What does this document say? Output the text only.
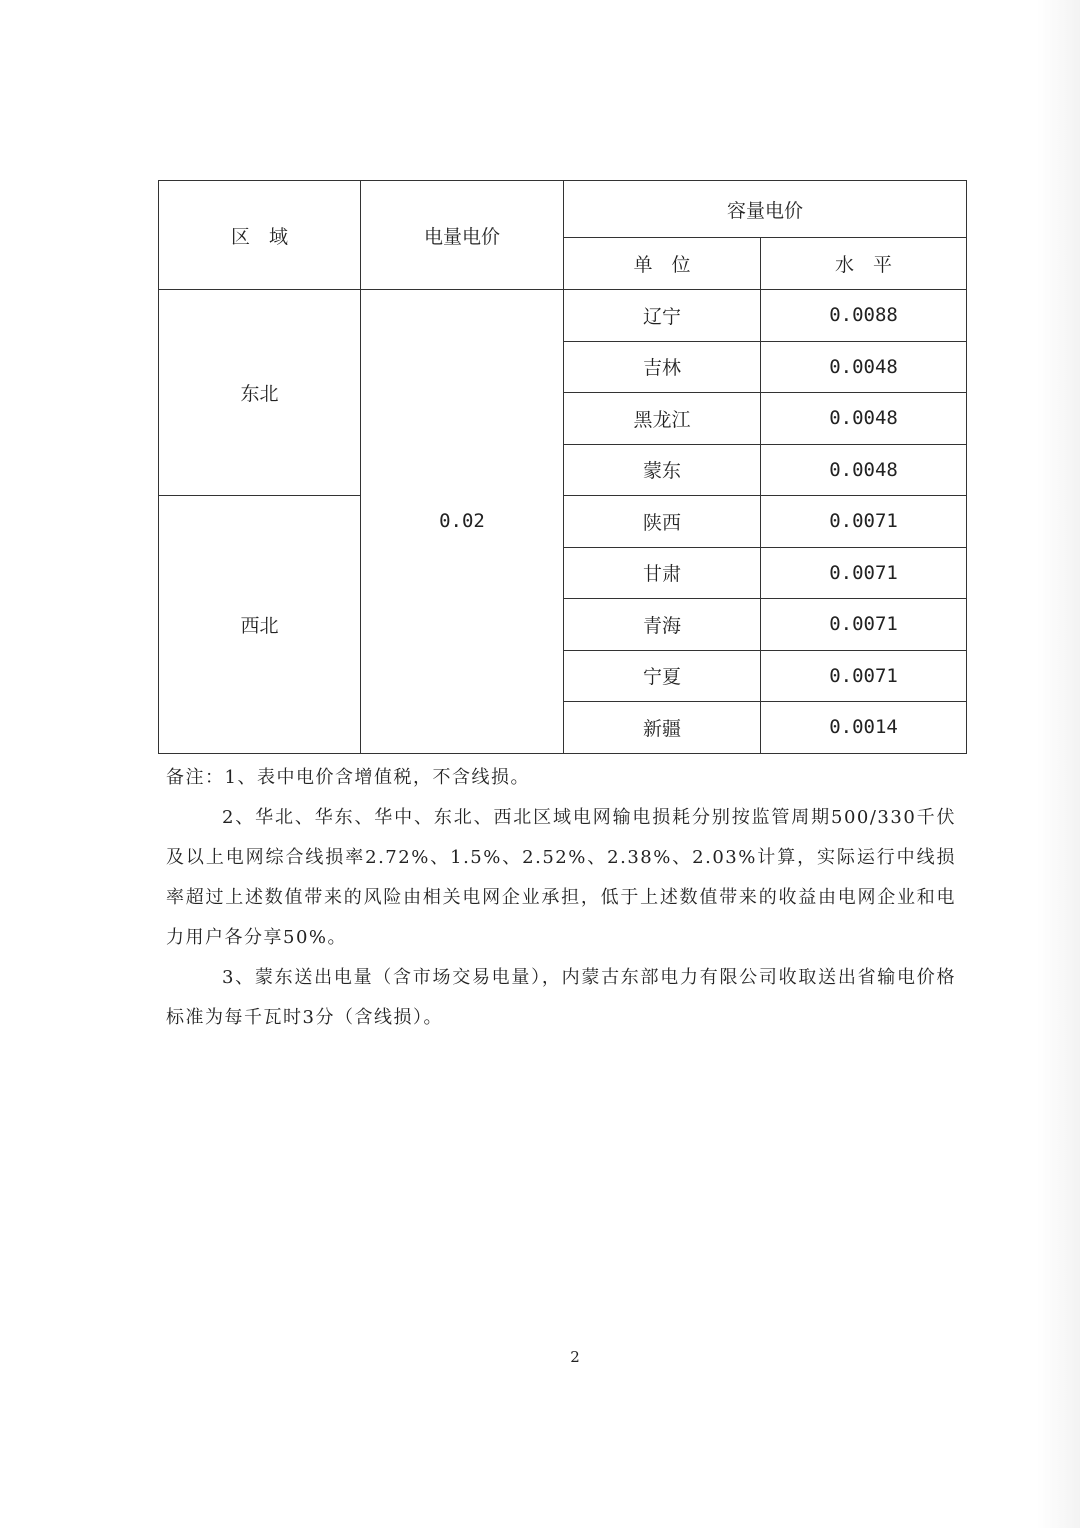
区　域	电量电价	容量电价	
		单　位	水　平
东北	0.02	辽宁	0.0088
		吉林	0.0048
		黑龙江	0.0048
		蒙东	0.0048
西北		陕西	0.0071
		甘肃	0.0071
		青海	0.0071
		宁夏	0.0071
		新疆	0.0014

备注：1、表中电价含增值税，不含线损。

2、华北、华东、华中、东北、西北区域电网输电损耗分别按监管周期500/330千伏及以上电网综合线损率2.72%、1.5%、2.52%、2.38%、2.03%计算，实际运行中线损率超过上述数值带来的风险由相关电网企业承担，低于上述数值带来的收益由电网企业和电力用户各分享50%。

3、蒙东送出电量（含市场交易电量），内蒙古东部电力有限公司收取送出省输电价格标准为每千瓦时3分（含线损）。

2
